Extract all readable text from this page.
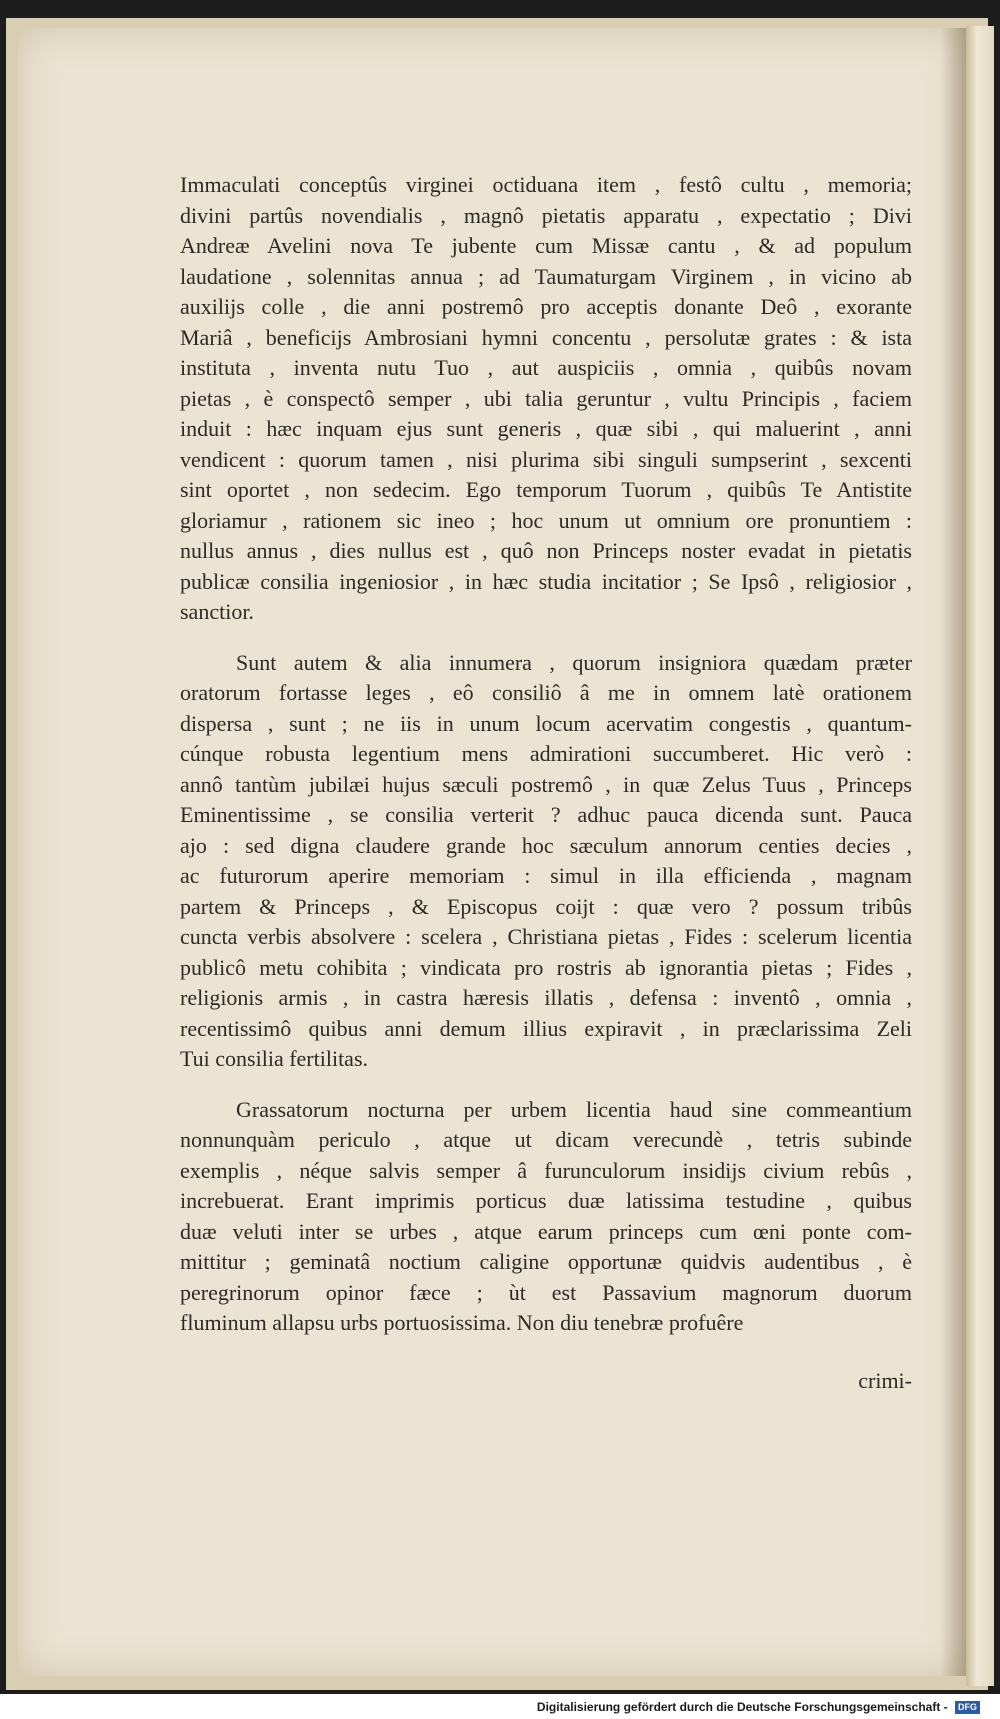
Immaculati conceptûs virginei octiduana item , festô cultu , memoria;
divini partûs novendialis , magnô pietatis apparatu , expectatio ; Divi
Andreæ Avelini nova Te jubente cum Missæ cantu , & ad populum
laudatione , solennitas annua ; ad Taumaturgam Virginem , in vicino ab
auxilijs colle , die anni postremô pro acceptis donante Deô , exorante
Mariâ , beneficijs Ambrosiani hymni concentu , persolutæ grates : & ista
instituta , inventa nutu Tuo , aut auspiciis , omnia , quibûs novam
pietas , è conspectô semper , ubi talia geruntur , vultu Principis , faciem
induit : hæc inquam ejus sunt generis , quæ sibi , qui maluerint , anni
vendicent : quorum tamen , nisi plurima sibi singuli sumpserint , sexcenti
sint oportet , non sedecim. Ego temporum Tuorum , quibûs Te Antistite
gloriamur , rationem sic ineo ; hoc unum ut omnium ore pronuntiem :
nullus annus , dies nullus est , quô non Princeps noster evadat in pietatis
publicæ consilia ingeniosior , in hæc studia incitatior ; Se Ipsô , religiosior ,
sanctior.

Sunt autem & alia innumera , quorum insigniora quædam præter
oratorum fortasse leges , eô consiliô â me in omnem latè orationem
dispersa , sunt ; ne iis in unum locum acervatim congestis , quantum-
cúnque robusta legentium mens admirationi succumberet. Hic verò :
annô tantùm jubilæi hujus sæculi postremô , in quæ Zelus Tuus , Princeps
Eminentissime , se consilia verterit ? adhuc pauca dicenda sunt. Pauca
ajo : sed digna claudere grande hoc sæculum annorum centies decies ,
ac futurorum aperire memoriam : simul in illa efficienda , magnam
partem & Princeps , & Episcopus coijt : quæ vero ? possum tribûs
cuncta verbis absolvere : scelera , Christiana pietas , Fides : scelerum licentia
publicô metu cohibita ; vindicata pro rostris ab ignorantia pietas ; Fides ,
religionis armis , in castra hæresis illatis , defensa : inventô , omnia ,
recentissimô quibus anni demum illius expiravit , in præclarissima Zeli
Tui consilia fertilitas.

Grassatorum nocturna per urbem licentia haud sine commeantium
nonnunquàm periculo , atque ut dicam verecundè , tetris subinde
exemplis , néque salvis semper â furunculorum insidijs civium rebûs ,
increbuerat. Erant imprimis porticus duæ latissima testudine , quibus
duæ veluti inter se urbes , atque earum princeps cum œni ponte com-
mittitur ; geminatâ noctium caligine opportunæ quidvis audentibus , è
peregrinorum opinor fæce ; ùt est Passavium magnorum duorum
fluminum allapsu urbs portuosissima. Non diu tenebræ profuêre

crimi-
Digitalisierung gefördert durch die Deutsche Forschungsgemeinschaft - DFG
